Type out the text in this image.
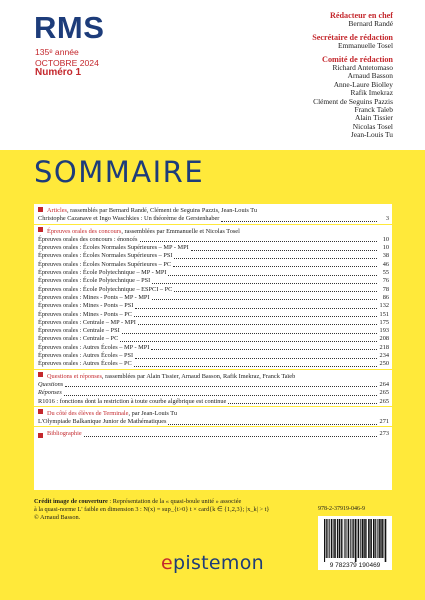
RMS
135ᵉ année
OCTOBRE 2024
Numéro 1
Rédacteur en chef
Bernard Randé
Secrétaire de rédaction
Emmanuelle Tosel
Comité de rédaction
Richard Antetomaso
Arnaud Basson
Anne-Laure Biolley
Rafik Imekraz
Clément de Seguins Pazzis
Franck Taïeb
Alain Tissier
Nicolas Tosel
Jean-Louis Tu
SOMMAIRE
Articles , rassemblés par Bernard Randé, Clément de Seguins Pazzis, Jean-Louis Tu
Christophe Cazanave et Ingo Waschkies : Un théorème de Gerstenhaber	3
Épreuves orales des concours , rassemblées par Emmanuelle et Nicolas Tosel
Épreuves orales des concours : énoncés	10
Épreuves orales : Écoles Normales Supérieures – MP - MPI	10
Épreuves orales : Écoles Normales Supérieures – PSI	38
Épreuves orales : Écoles Normales Supérieures – PC	46
Épreuves orales : École Polytechnique – MP - MPI	55
Épreuves orales : École Polytechnique – PSI	76
Épreuves orales : École Polytechnique – ESPCI – PC	78
Épreuves orales : Mines - Ponts – MP - MPI	86
Épreuves orales : Mines - Ponts – PSI	132
Épreuves orales : Mines - Ponts – PC	151
Épreuves orales : Centrale – MP - MPI	175
Épreuves orales : Centrale – PSI	193
Épreuves orales : Centrale – PC	208
Épreuves orales : Autres Écoles – MP - MPI	218
Épreuves orales : Autres Écoles – PSI	234
Épreuves orales : Autres Écoles – PC	250
Questions et réponses , rassemblées par Alain Tissier, Arnaud Basson, Rafik Imekraz, Franck Taïeb
Questions	264
Réponses	265
R1016 : fonctions dont la restriction à toute courbe algébrique est continue	265
Du côté des élèves de Terminale , par Jean-Louis Tu
L'Olympiade Balkanique Junior de Mathématiques	271
Bibliographie	273
Crédit image de couverture : Représentation de la « quasi-boule unité » associée
à la quasi-norme L' faible en dimension 3 : N(x) = sup_{t>0} t × card{k ∈ {1,2,3}; |x_k| > t}
© Arnaud Basson.
978-2-37919-046-9
9 782379 190469
epistemon
